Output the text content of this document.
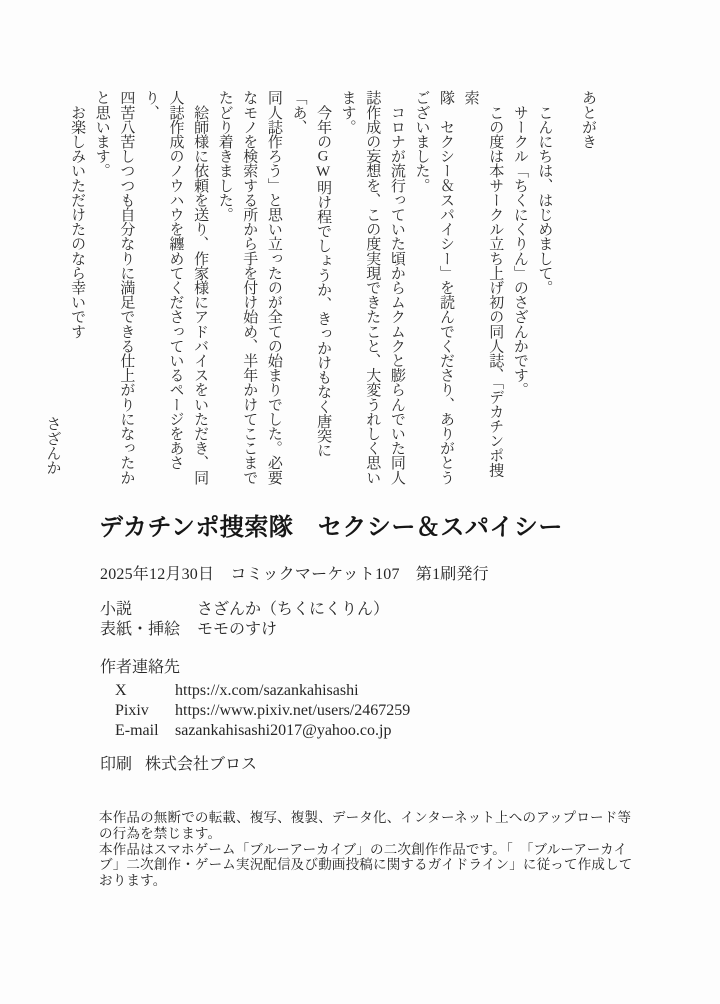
あとがき

　こんにちは、はじめまして。

　サークル「ちくにくりん」のさざんかです。

　この度は本サークル立ち上げ初の同人誌、「デカチンポ捜索

隊　セクシー＆スパイシー」を読んでくださり、ありがとう

ございました。

　コロナが流行っていた頃からムクムクと膨らんでいた同人

誌作成の妄想を、この度実現できたこと、大変うれしく思い

ます。

　今年のGW明け程でしょうか、きっかけもなく唐突に「あ、

同人誌作ろう」と思い立ったのが全ての始まりでした。必要

なモノを検索する所から手を付け始め、半年かけてここまで

たどり着きました。

　絵師様に依頼を送り、作家様にアドバイスをいただき、同

人誌作成のノウハウを纏めてくださっているページをあさり、

四苦八苦しつつも自分なりに満足できる仕上がりになったか

と思います。

　お楽しみいただけたのなら幸いです

さざんか

デカチンポ捜索隊　セクシー＆スパイシー
2025年12月30日　コミックマーケット107　第1刷発行
小説	さざんか（ちくにくりん）
表紙・挿絵	モモのすけ
作者連絡先
X	https://x.com/sazankahisashi
Pixiv	https://www.pixiv.net/users/2467259
E-mail	sazankahisashi2017@yahoo.co.jp
印刷 株式会社ブロス

本作品の無断での転載、複写、複製、データ化、インターネット上へのアップロード等

の行為を禁じます。

本作品はスマホゲーム「ブルーアーカイブ」の二次創作作品です。「　「ブルーアーカイ

ブ」二次創作・ゲーム実況配信及び動画投稿に関するガイドライン」に従って作成して

おります。
